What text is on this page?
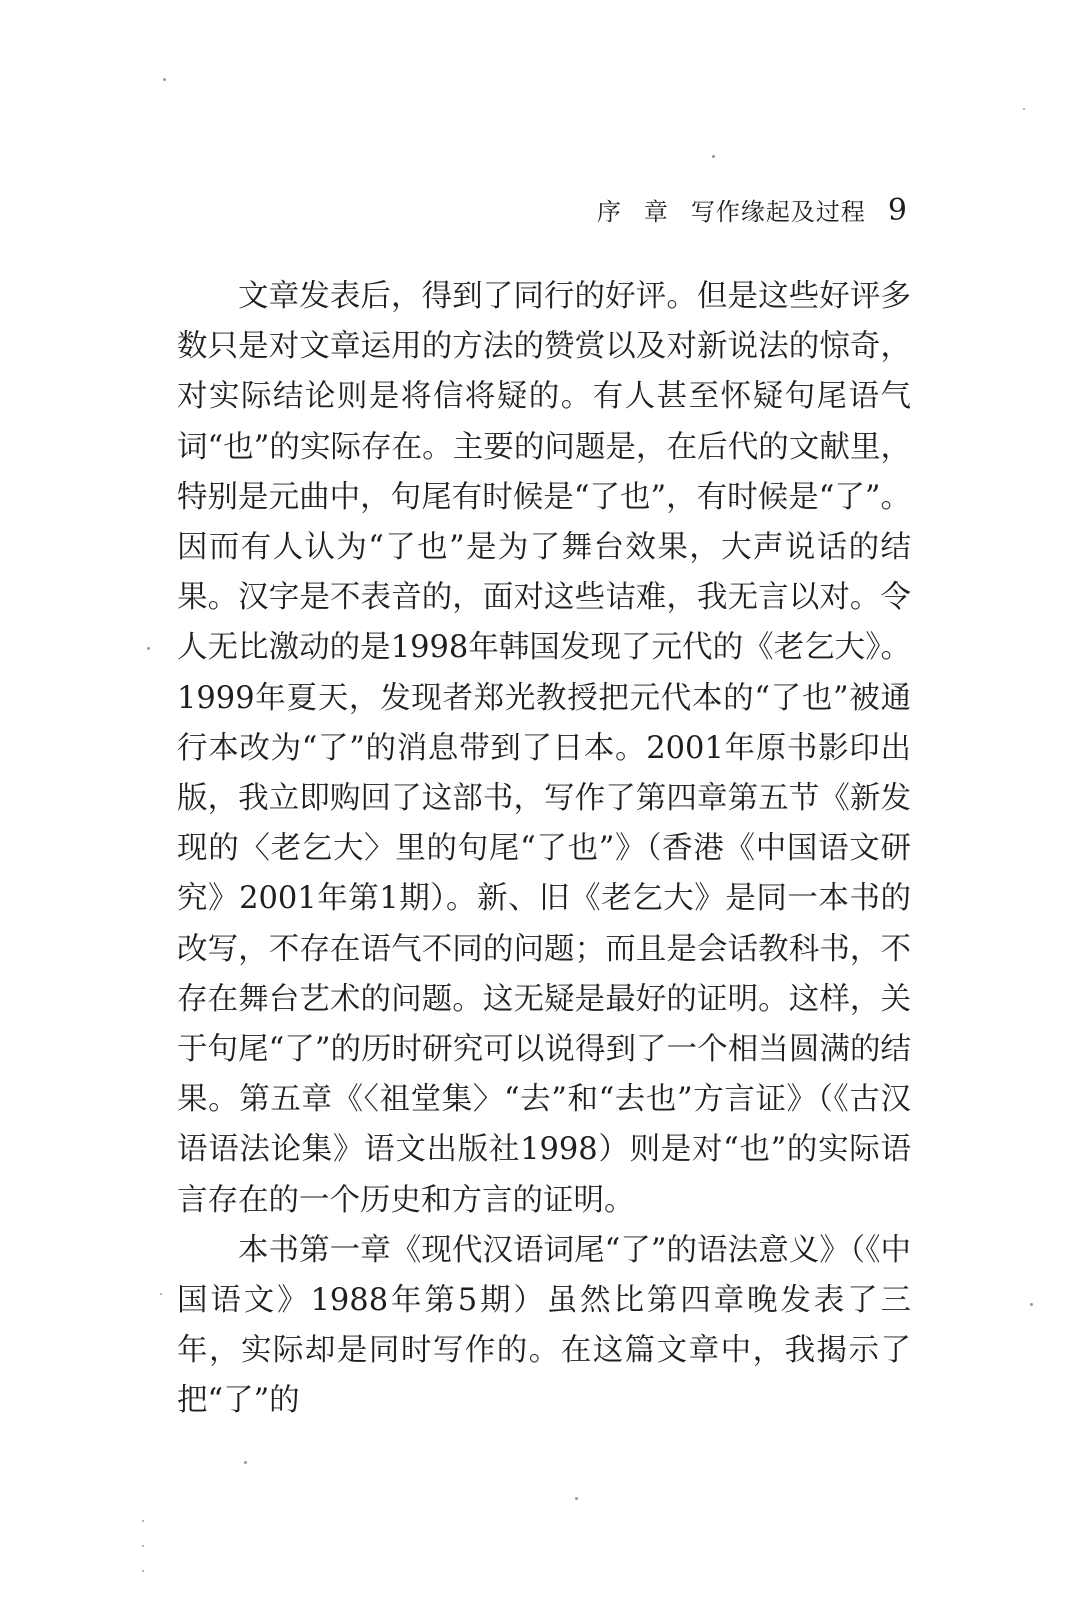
序 章 写作缘起及过程 9

文章发表后，得到了同行的好评。但是这些好评多数只是对文章运用的方法的赞赏以及对新说法的惊奇，对实际结论则是将信将疑的。有人甚至怀疑句尾语气词“也”的实际存在。主要的问题是，在后代的文献里，特别是元曲中，句尾有时候是“了也”，有时候是“了”。因而有人认为“了也”是为了舞台效果，大声说话的结果。汉字是不表音的，面对这些诘难，我无言以对。令人无比激动的是1998年韩国发现了元代的《老乞大》。1999年夏天，发现者郑光教授把元代本的“了也”被通行本改为“了”的消息带到了日本。2001年原书影印出版，我立即购回了这部书，写作了第四章第五节《新发现的〈老乞大〉里的句尾“了也”》（香港《中国语文研究》2001年第1期）。新、旧《老乞大》是同一本书的改写，不存在语气不同的问题；而且是会话教科书，不存在舞台艺术的问题。这无疑是最好的证明。这样，关于句尾“了”的历时研究可以说得到了一个相当圆满的结果。第五章《〈祖堂集〉“去”和“去也”方言证》（《古汉语语法论集》语文出版社1998）则是对“也”的实际语言存在的一个历史和方言的证明。

本书第一章《现代汉语词尾“了”的语法意义》（《中国语文》1988年第5期）虽然比第四章晚发表了三年，实际却是同时写作的。在这篇文章中，我揭示了把“了”的
